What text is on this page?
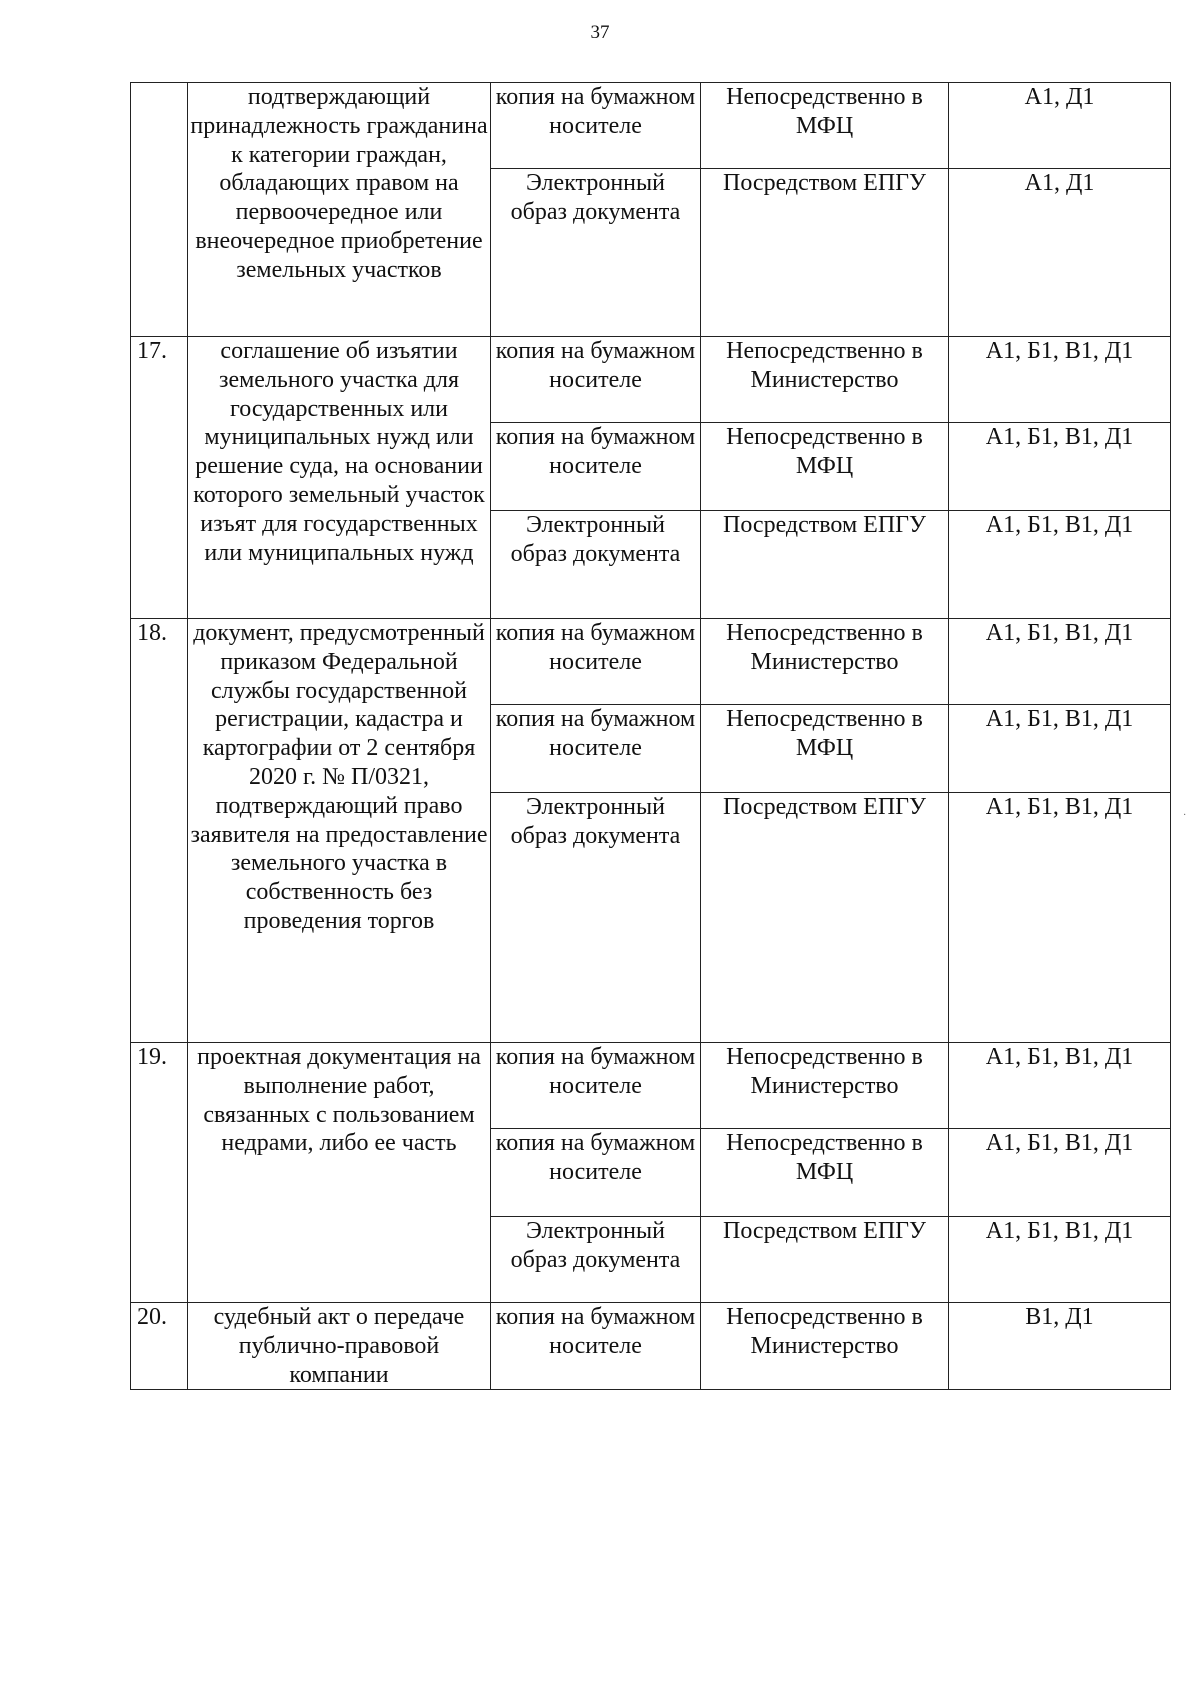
37
	подтверждающий принадлежность гражданина к категории граждан, обладающих правом на первоочередное или внеочередное приобретение земельных участков	копия на бумажном носителе	Непосредственно в МФЦ	А1, Д1
		Электронный образ документа	Посредством ЕПГУ	А1, Д1
17.	соглашение об изъятии земельного участка для государственных или муниципальных нужд или решение суда, на основании которого земельный участок изъят для государственных или муниципальных нужд	копия на бумажном носителе	Непосредственно в Министерство	А1, Б1, В1, Д1
		копия на бумажном носителе	Непосредственно в МФЦ	А1, Б1, В1, Д1
		Электронный образ документа	Посредством ЕПГУ	А1, Б1, В1, Д1
18.	документ, предусмотренный приказом Федеральной службы государственной регистрации, кадастра и картографии от 2 сентября 2020 г. № П/0321, подтверждающий право заявителя на предоставление земельного участка в собственность без проведения торгов	копия на бумажном носителе	Непосредственно в Министерство	А1, Б1, В1, Д1
		копия на бумажном носителе	Непосредственно в МФЦ	А1, Б1, В1, Д1
		Электронный образ документа	Посредством ЕПГУ	А1, Б1, В1, Д1
19.	проектная документация на выполнение работ, связанных с пользованием недрами, либо ее часть	копия на бумажном носителе	Непосредственно в Министерство	А1, Б1, В1, Д1
		копия на бумажном носителе	Непосредственно в МФЦ	А1, Б1, В1, Д1
		Электронный образ документа	Посредством ЕПГУ	А1, Б1, В1, Д1
20.	судебный акт о передаче публично-правовой компании	копия на бумажном носителе	Непосредственно в Министерство	В1, Д1
·
